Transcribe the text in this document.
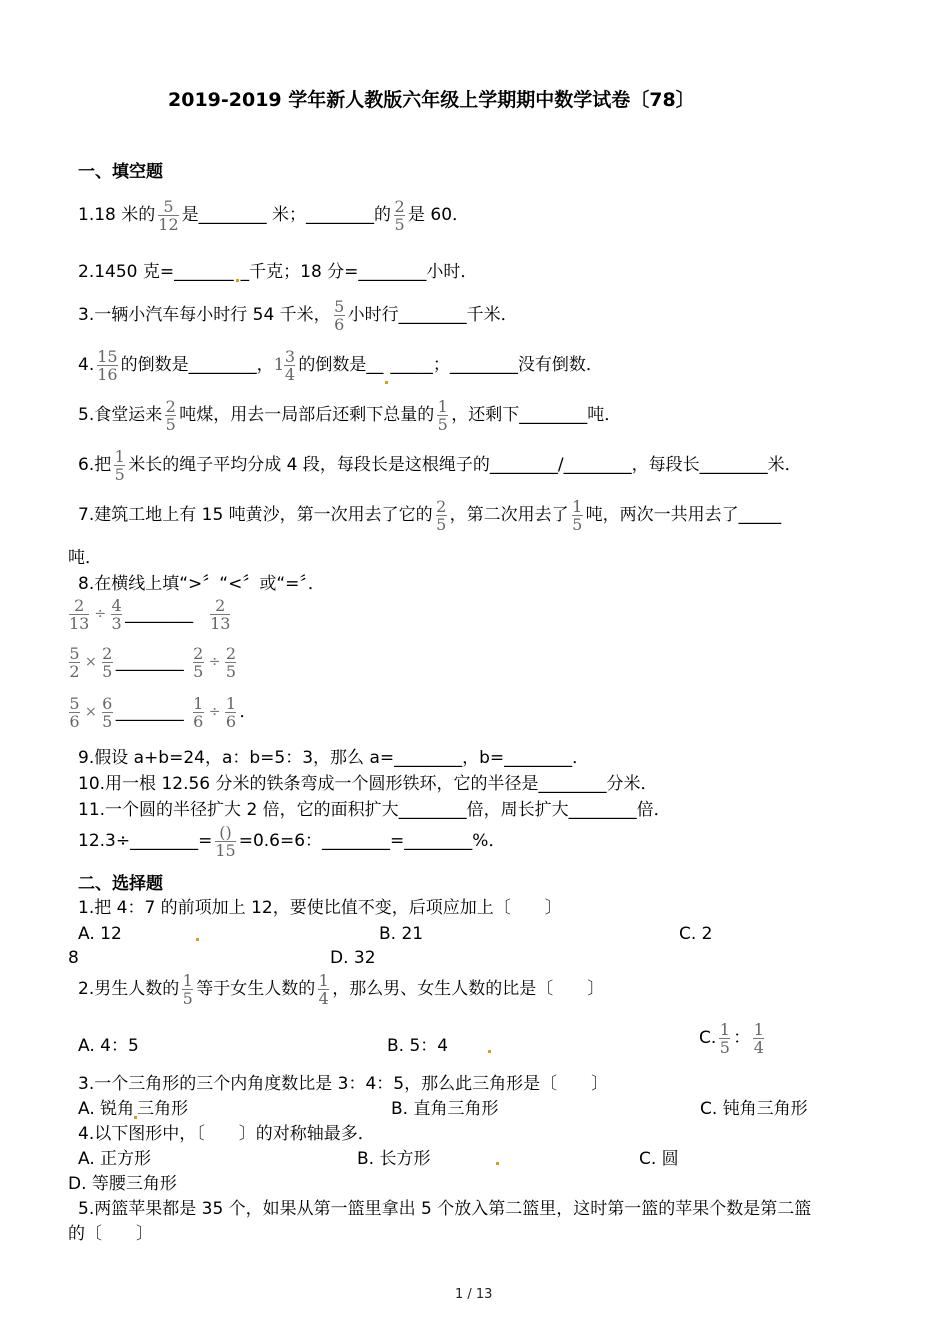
2019-2019 学年新人教版六年级上学期期中数学试卷〔78〕
一、填空题
1.18 米的 $\frac{5}{12}$ 是________ 米；________的 $\frac{2}{5}$ 是 60．
2.1450 克=_______ _千克；18 分=________小时．
3.一辆小汽车每小时行 54 千米， $\frac{5}{6}$ 小时行________千米．
4. $\frac{15}{16}$ 的倒数是________，$1 \frac{3}{4}$ 的倒数是__ _____；________没有倒数．
5.食堂运来 $\frac{2}{5}$ 吨煤，用去一局部后还剩下总量的 $\frac{1}{5}$ ，还剩下________吨．
6.把 $\frac{1}{5}$ 米长的绳子平均分成 4 段，每段长是这根绳子的________/________，每段长________米．
7.建筑工地上有 15 吨黄沙，第一次用去了它的 $\frac{2}{5}$ ，第二次用去了 $\frac{1}{5}$ 吨，两次一共用去了_____
吨．
8.在横线上填“>〞“<〞或“=〞．
$\frac{2}{13} \div \frac{4}{3}$ ________ $\frac{2}{13}$
$\frac{5}{2} \times \frac{2}{5}$ ________ $\frac{2}{5} \div \frac{2}{5}$
$\frac{5}{6} \times \frac{6}{5}$ ________ $\frac{1}{6} \div \frac{1}{6}$ ．
9.假设 a+b=24，a：b=5：3，那么 a=________，b=________．
10.用一根 12.56 分米的铁条弯成一个圆形铁环，它的半径是________分米．
11.一个圆的半径扩大 2 倍，它的面积扩大________倍，周长扩大________倍．
12.3÷________= $\frac{()}{15} =0.6=6$：________=________%．
二、选择题
1.把 4：7 的前项加上 12，要使比值不变，后项应加上〔　　〕
A. 12	B. 21	C. 2
8	D. 32
2.男生人数的 $\frac{1}{5}$ 等于女生人数的 $\frac{1}{4}$ ，那么男、女生人数的比是〔　　〕
A. 4：5	B. 5：4	C. $\frac{1}{5}$ ： $\frac{1}{4}$
3.一个三角形的三个内角度数比是 3：4：5，那么此三角形是〔　　〕
A. 锐角 三角形	B. 直角三角形	C. 钝角三角形
4.以下图形中，〔　　〕的对称轴最多．
A. 正方形	B. 长方形	C. 圆
D. 等腰三角形
5.两篮苹果都是 35 个，如果从第一篮里拿出 5 个放入第二篮里，这时第一篮的苹果个数是第二篮
的〔　　〕
1 / 13
